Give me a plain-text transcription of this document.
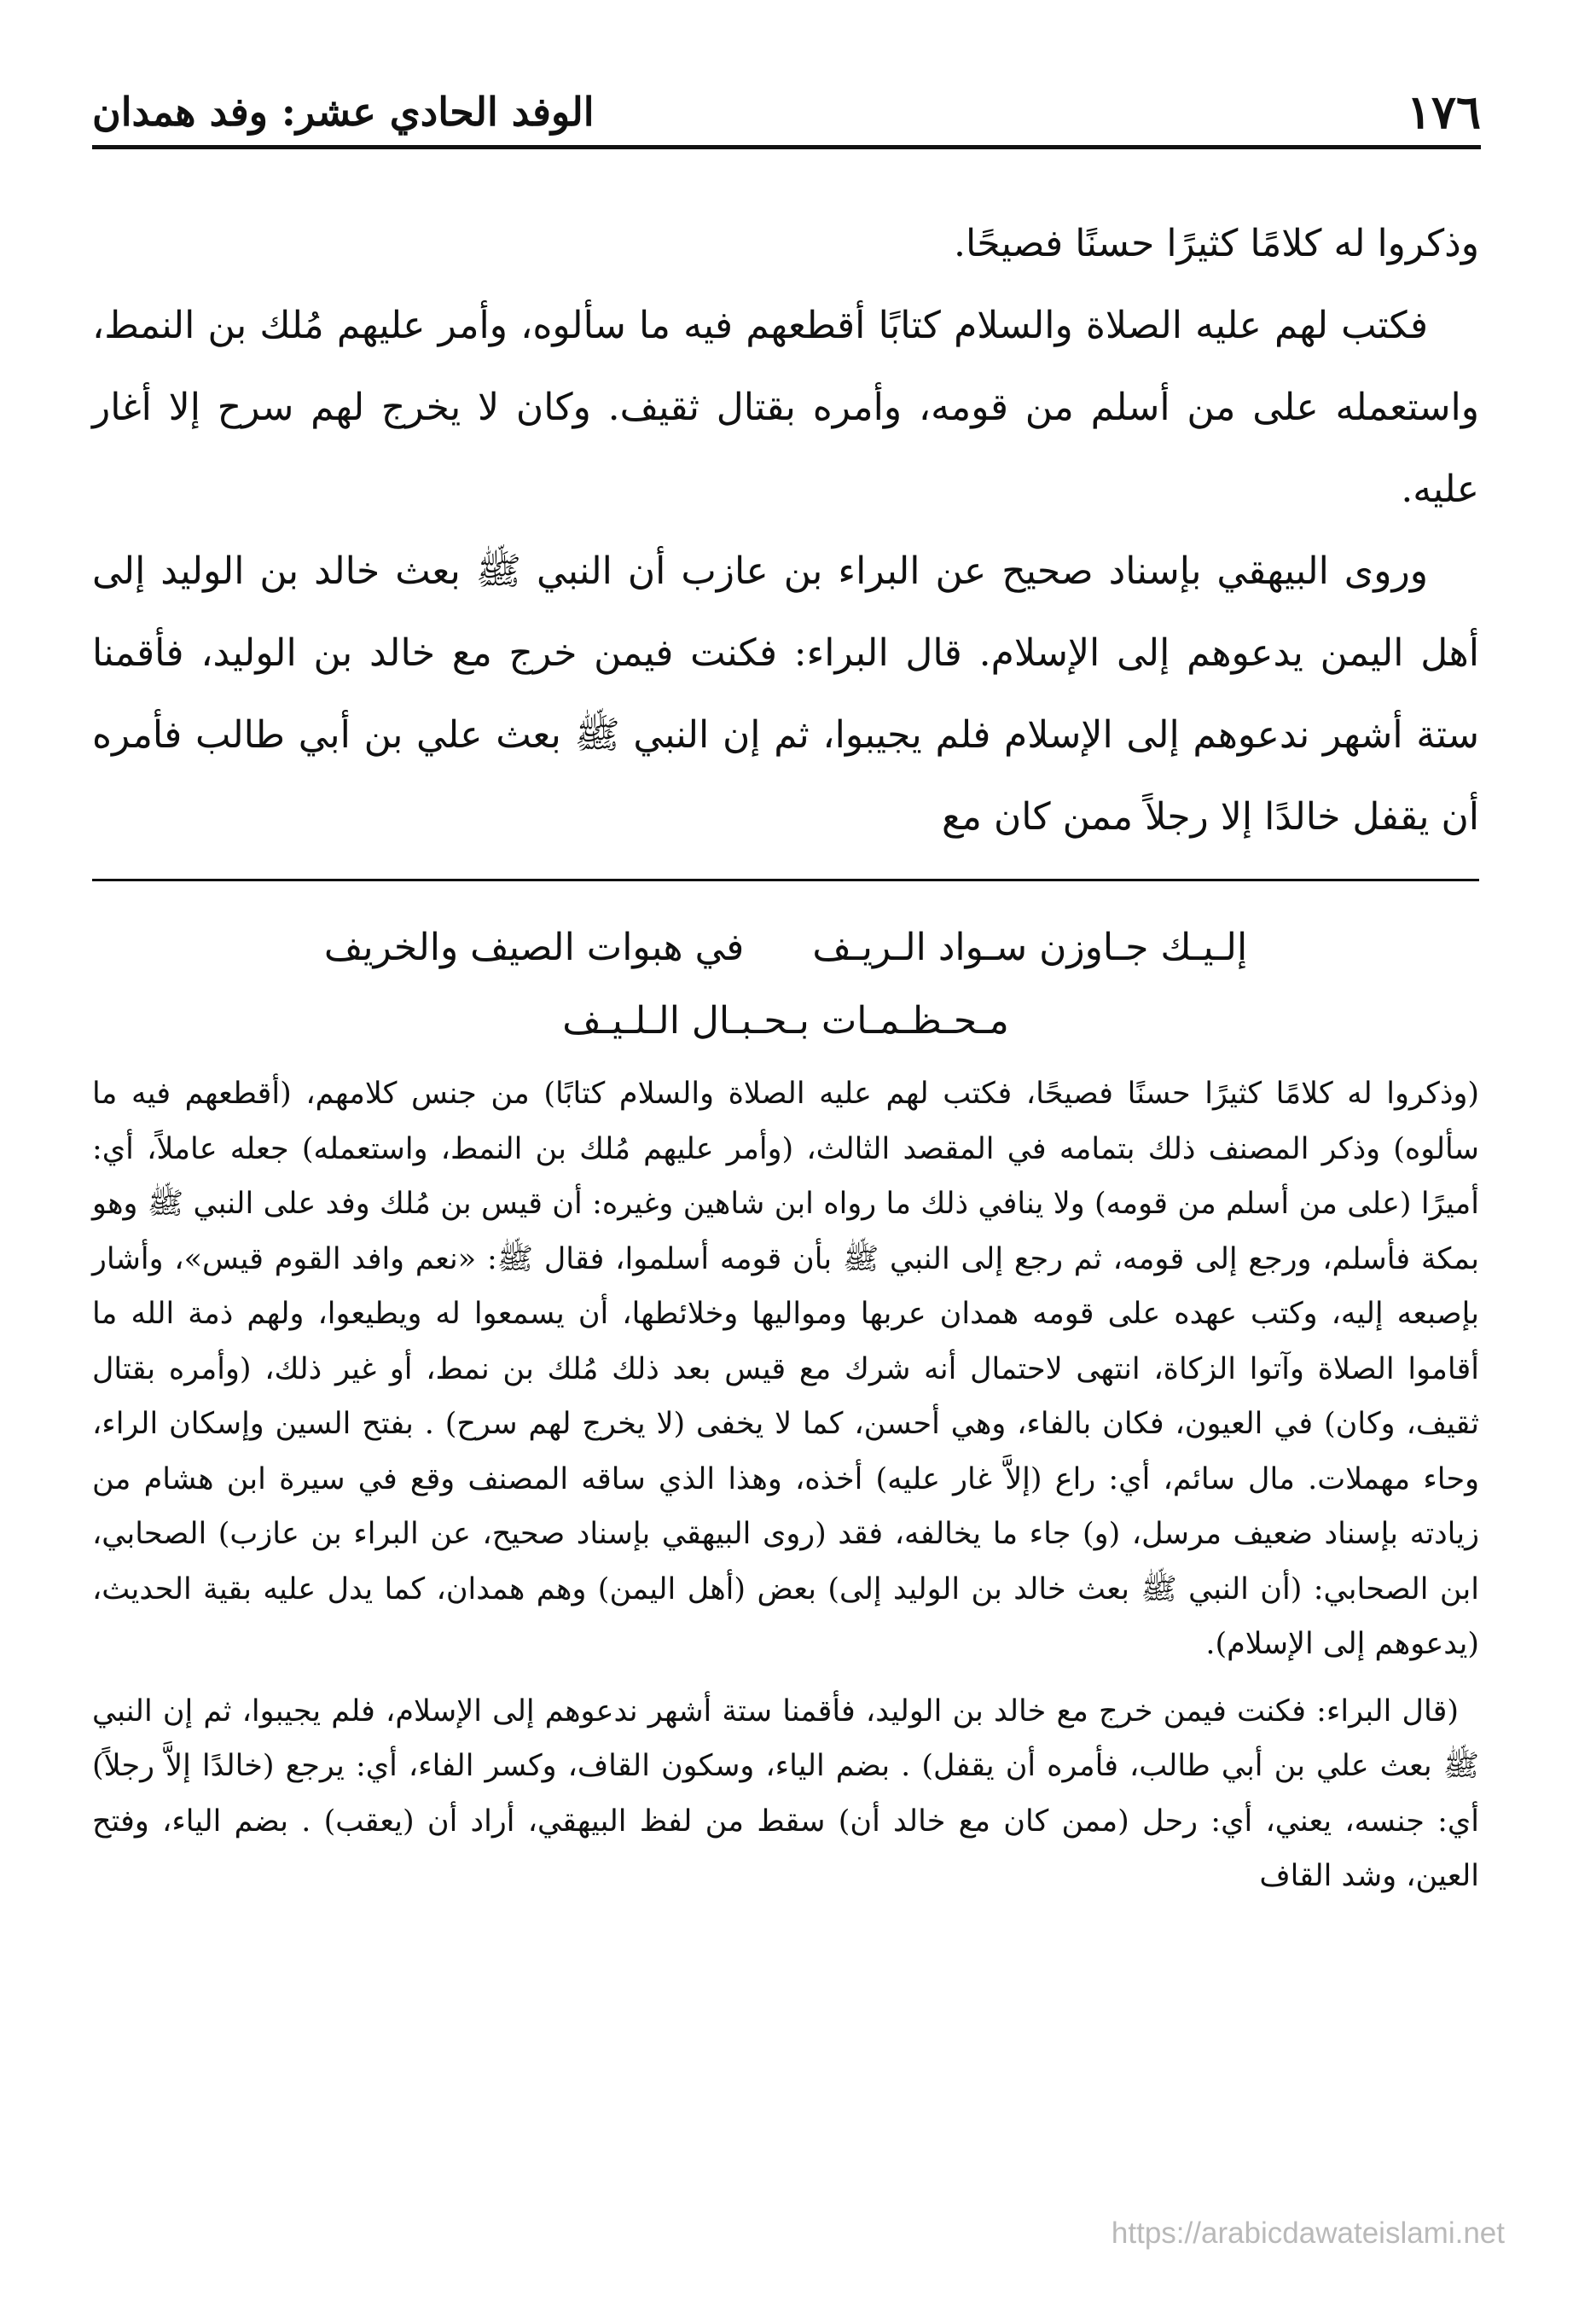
١٧٦
الوفد الحادي عشر: وفد همدان

وذكروا له كلامًا كثيرًا حسنًا فصيحًا.

فكتب لهم عليه الصلاة والسلام كتابًا أقطعهم فيه ما سألوه، وأمر عليهم مُلك بن النمط، واستعمله على من أسلم من قومه، وأمره بقتال ثقيف. وكان لا يخرج لهم سرح إلا أغار عليه.

وروى البيهقي بإسناد صحيح عن البراء بن عازب أن النبي ﷺ بعث خالد بن الوليد إلى أهل اليمن يدعوهم إلى الإسلام. قال البراء: فكنت فيمن خرج مع خالد بن الوليد، فأقمنا ستة أشهر ندعوهم إلى الإسلام فلم يجيبوا، ثم إن النبي ﷺ بعث علي بن أبي طالب فأمره أن يقفل خالدًا إلا رجلاً ممن كان مع

إلـيـك جـاوزن سـواد الـريـف
في هبوات الصيف والخريف
مـحـظـمـات بـحـبـال الـلـيـف

(وذكروا له كلامًا كثيرًا حسنًا فصيحًا، فكتب لهم عليه الصلاة والسلام كتابًا) من جنس كلامهم، (أقطعهم فيه ما سألوه) وذكر المصنف ذلك بتمامه في المقصد الثالث، (وأمر عليهم مُلك بن النمط، واستعمله) جعله عاملاً، أي: أميرًا (على من أسلم من قومه) ولا ينافي ذلك ما رواه ابن شاهين وغيره: أن قيس بن مُلك وفد على النبي ﷺ وهو بمكة فأسلم، ورجع إلى قومه، ثم رجع إلى النبي ﷺ بأن قومه أسلموا، فقال ﷺ: «نعم وافد القوم قيس»، وأشار بإصبعه إليه، وكتب عهده على قومه همدان عربها ومواليها وخلائطها، أن يسمعوا له ويطيعوا، ولهم ذمة الله ما أقاموا الصلاة وآتوا الزكاة، انتهى لاحتمال أنه شرك مع قيس بعد ذلك مُلك بن نمط، أو غير ذلك، (وأمره بقتال ثقيف، وكان) في العيون، فكان بالفاء، وهي أحسن، كما لا يخفى (لا يخرج لهم سرح) . بفتح السين وإسكان الراء، وحاء مهملات. مال سائم، أي: راع (إلاَّ غار عليه) أخذه، وهذا الذي ساقه المصنف وقع في سيرة ابن هشام من زيادته بإسناد ضعيف مرسل، (و) جاء ما يخالفه، فقد (روى البيهقي بإسناد صحيح، عن البراء بن عازب) الصحابي، ابن الصحابي: (أن النبي ﷺ بعث خالد بن الوليد إلى) بعض (أهل اليمن) وهم همدان، كما يدل عليه بقية الحديث، (يدعوهم إلى الإسلام).

(قال البراء: فكنت فيمن خرج مع خالد بن الوليد، فأقمنا ستة أشهر ندعوهم إلى الإسلام، فلم يجيبوا، ثم إن النبي ﷺ بعث علي بن أبي طالب، فأمره أن يقفل) . بضم الياء، وسكون القاف، وكسر الفاء، أي: يرجع (خالدًا إلاَّ رجلاً) أي: جنسه، يعني، أي: رحل (ممن كان مع خالد أن) سقط من لفظ البيهقي، أراد أن (يعقب) . بضم الياء، وفتح العين، وشد القاف

https://arabicdawateislami.net
